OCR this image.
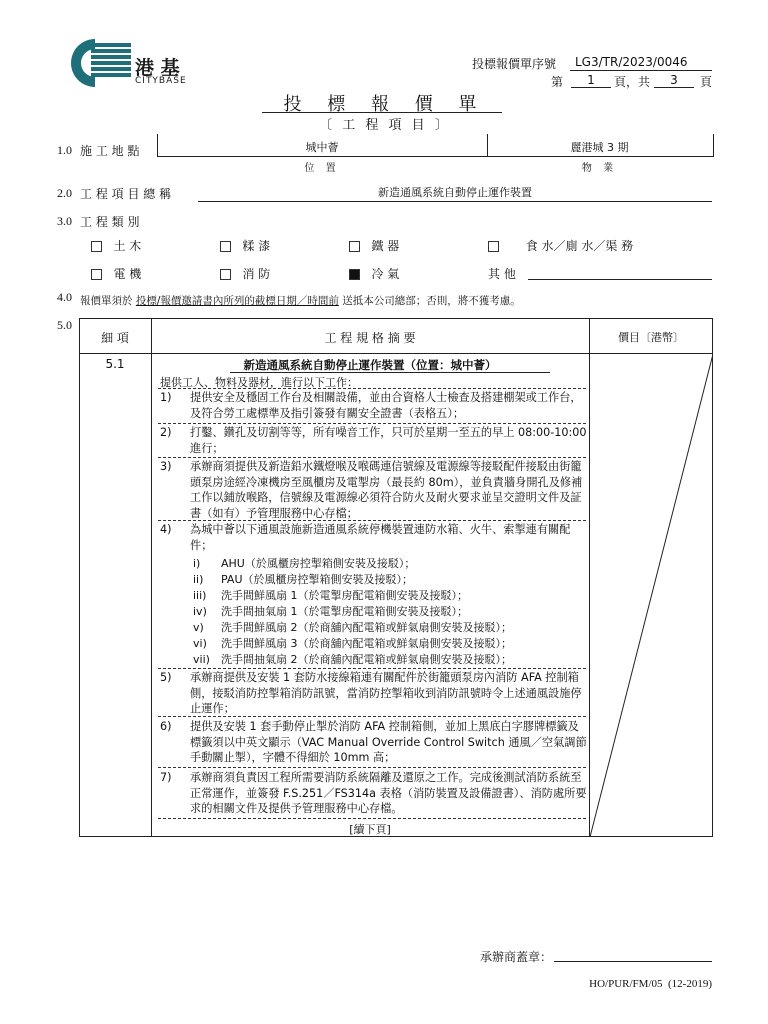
港 基
CITYBASE
投標報價單序號 LG3/TR/2023/0046
第	1	頁，共	3	頁
投 標 報 價 單
〔 工 程 項 目 〕
1.0 施 工 地 點	城中薈	麗港城 3 期
位 置	物 業
2.0 工 程 項 目 總 稱	新造通風系統自動停止運作裝置
3.0 工 程 類 別
土 木	糅 漆	鐵 器	食 水／廁 水／渠 務
電 機	消 防	冷 氣	其 他
4.0 報價單須於 投標/報價邀請書內所列的截標日期／時間前 送抵本公司總部；否則，將不獲考慮。
5.0
細 項	工 程 規 格 摘 要	價目〔港幣〕
5.1	新造通風系統自動停止運作裝置（位置：城中薈）
提供工人、物料及器材，進行以下工作：
1) 提供安全及穩固工作台及相關設備，並由合資格人士檢查及搭建棚架或工作台，及符合勞工處標準及指引簽發有關安全證書（表格五）；
2) 打鑿、鑽孔及切割等等，所有噪音工作，只可於星期一至五的早上 08:00-10:00 進行；
3) 承辦商須提供及新造鉛水鐵燈喉及喉碼連信號線及電源線等接駁配件接駁由街籠頭泵房途經冷凍機房至風櫃房及電掣房（最長約 80m），並負責牆身開孔及修補工作以鋪放喉路，信號線及電源線必須符合防火及耐火要求並呈交證明文件及証書（如有）予管理服務中心存檔；
4) 為城中薈以下通風設施新造通風系統停機裝置連防水箱、火牛、索掣連有關配件；
i) AHU（於風櫃房控掣箱側安裝及接駁）；
ii) PAU（於風櫃房控掣箱側安裝及接駁）；
iii) 洗手間鮮風扇 1（於電掣房配電箱側安裝及接駁）；
iv) 洗手間抽氣扇 1（於電掣房配電箱側安裝及接駁）；
v) 洗手間鮮風扇 2（於商舖內配電箱或鮮氣扇側安裝及接駁）；
vi) 洗手間鮮風扇 3（於商舖內配電箱或鮮氣扇側安裝及接駁）；
vii) 洗手間抽氣扇 2（於商舖內配電箱或鮮氣扇側安裝及接駁）；
5) 承辦商提供及安裝 1 套防水接線箱連有關配件於街籠頭泵房內消防 AFA 控制箱側，接駁消防控掣箱消防訊號，當消防控掣箱收到消防訊號時令上述通風設施停止運作；
6) 提供及安裝 1 套手動停止掣於消防 AFA 控制箱側，並加上黑底白字膠牌標籤及標籤須以中英文顯示（VAC Manual Override Control Switch 通風／空氣調節 手動關止掣），字體不得細於 10mm 高；
7) 承辦商須負責因工程所需要消防系統隔離及還原之工作。完成後測試消防系統至正常運作，並簽發 F.S.251／FS314a 表格（消防裝置及設備證書）、消防處所要求的相關文件及提供予管理服務中心存檔。
[續下頁]
承辦商蓋章：
HO/PUR/FM/05  (12-2019)
